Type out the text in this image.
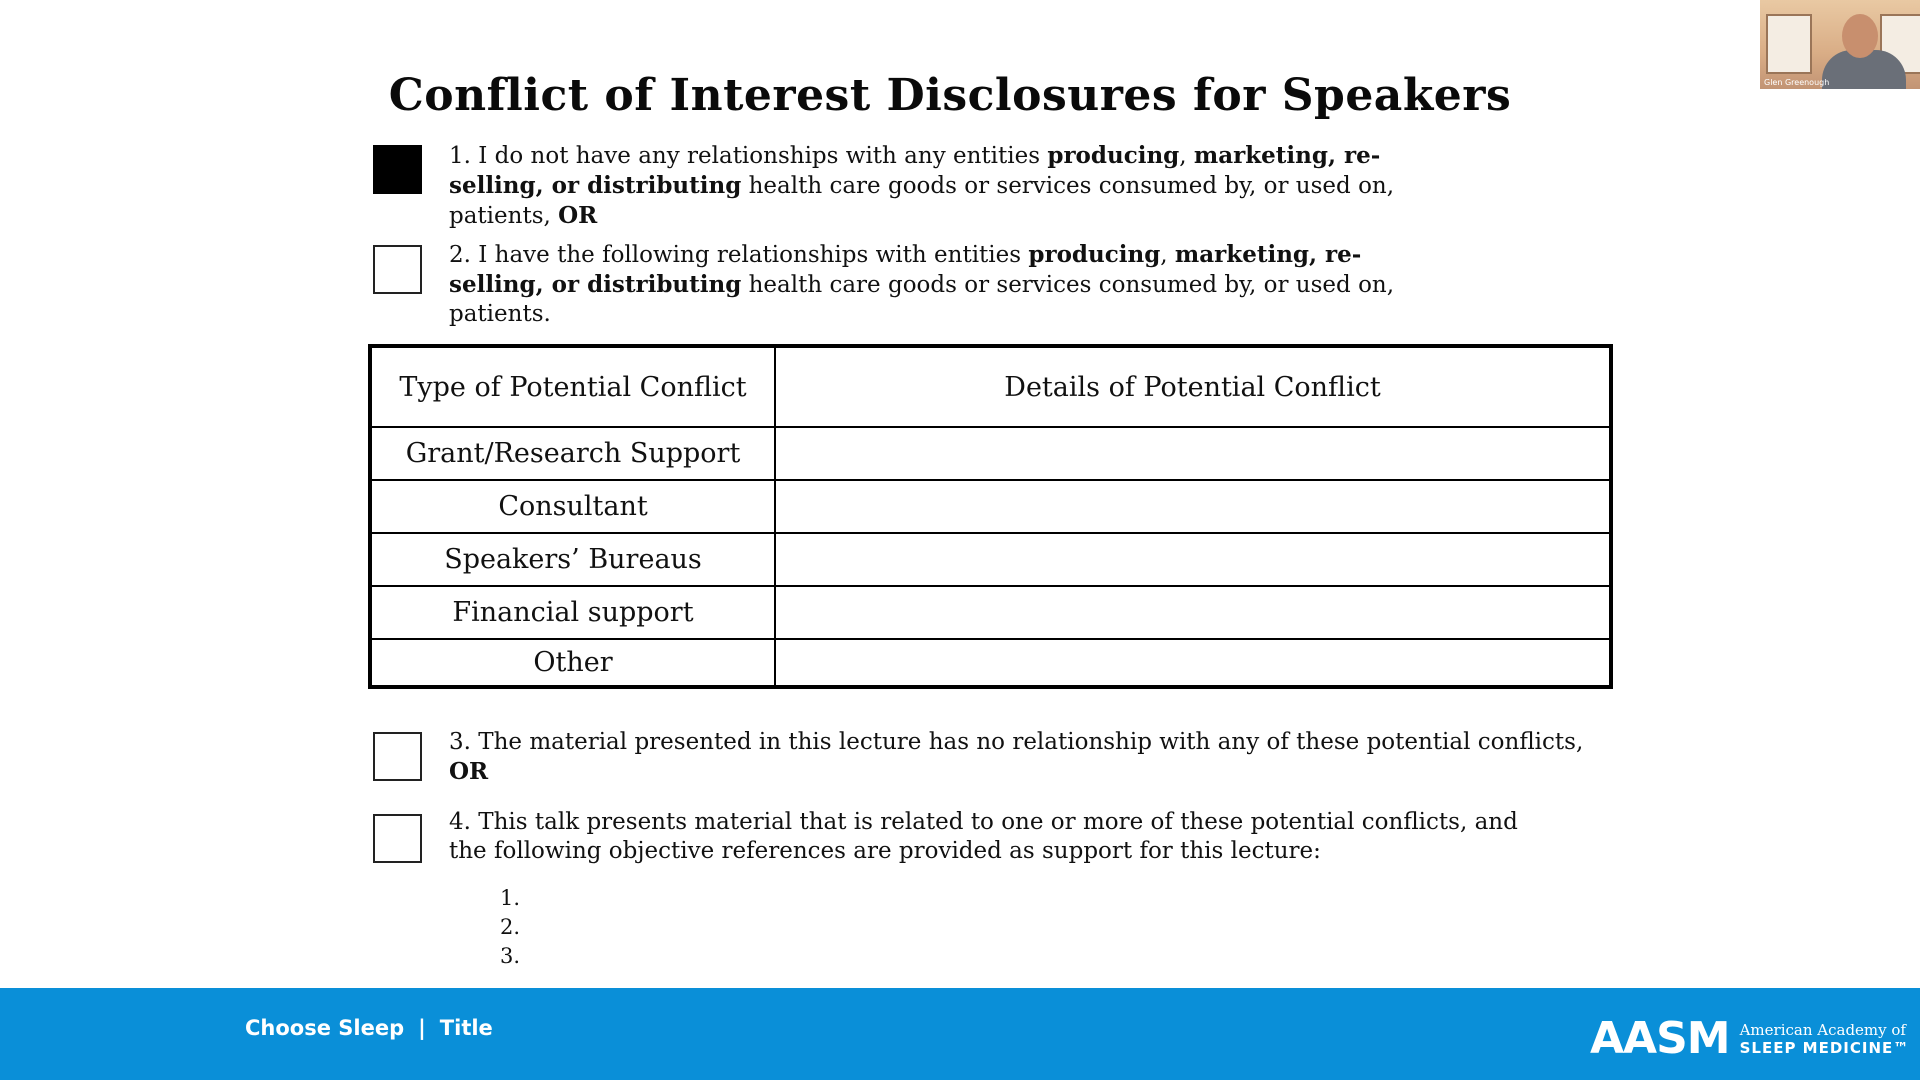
Glen Greenough
Conflict of Interest Disclosures for Speakers
1. I do not have any relationships with any entities producing, marketing, re-
selling, or distributing health care goods or services consumed by, or used on,
patients, OR
2. I have the following relationships with entities producing, marketing, re-
selling, or distributing health care goods or services consumed by, or used on,
patients.
Type of Potential Conflict	Details of Potential Conflict
Grant/Research Support	
Consultant	
Speakers’ Bureaus	
Financial support	
Other	
3. The material presented in this lecture has no relationship with any of these potential conflicts,
OR
4. This talk presents material that is related to one or more of these potential conflicts, and
the following objective references are provided as support for this lecture:
1.
2.
3.
Choose Sleep | Title	AASM American Academy of
SLEEP MEDICINE™
